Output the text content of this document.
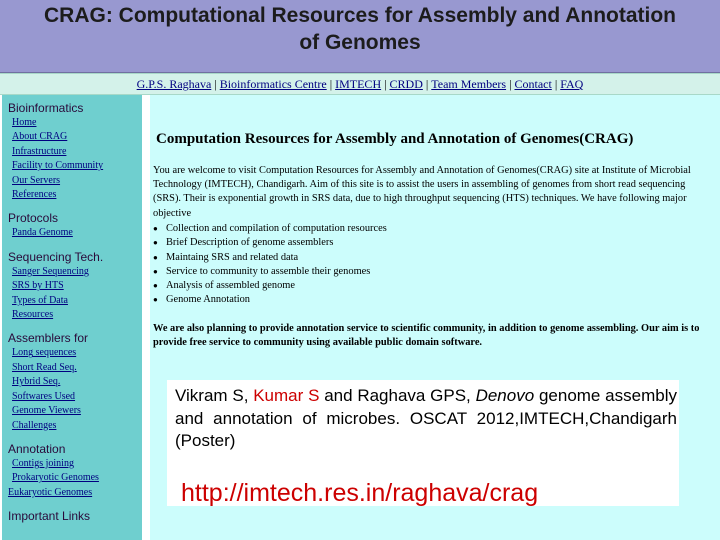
CRAG: Computational Resources for Assembly and Annotation
of Genomes
G.P.S. Raghava | Bioinformatics Centre | IMTECH | CRDD | Team Members | Contact | FAQ
Bioinformatics
Home
About CRAG
Infrastructure
Facility to Community
Our Servers
References
Protocols
Panda Genome
Sequencing Tech.
Sanger Sequencing
SRS by HTS
Types of Data
Resources
Assemblers for
Long sequences
Short Read Seq.
Hybrid Seq.
Softwares Used
Genome Viewers
Challenges
Annotation
Contigs joining
Prokaryotic Genomes
Eukaryotic Genomes
Important Links
Computation Resources for Assembly and Annotation of Genomes(CRAG)
You are welcome to visit Computation Resources for Assembly and Annotation of Genomes(CRAG) site at Institute of Microbial Technology (IMTECH), Chandigarh. Aim of this site is to assist the users in assembling of genomes from short read sequencing (SRS). Their is exponential growth in SRS data, due to high throughput sequencing (HTS) techniques. We have following major objective
● Collection and compilation of computation resources
● Brief Description of genome assemblers
● Maintaing SRS and related data
● Service to community to assemble their genomes
● Analysis of assembled genome
● Genome Annotation
We are also planning to provide annotation service to scientific community, in addition to genome assembling. Our aim is to provide free service to community using available public domain software.
Vikram S, Kumar S and Raghava GPS, Denovo genome assembly and annotation of microbes. OSCAT 2012,IMTECH,Chandigarh (Poster)
http://imtech.res.in/raghava/crag
